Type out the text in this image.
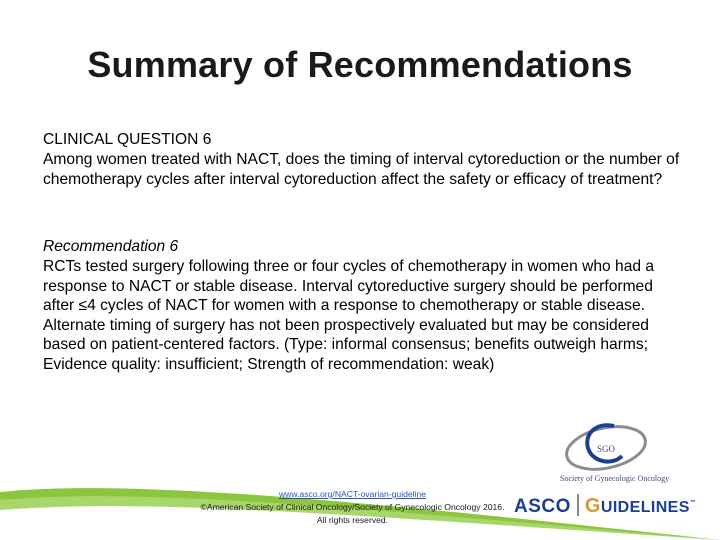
Summary of Recommendations
CLINICAL QUESTION 6
Among women treated with NACT, does the timing of interval cytoreduction or the number of chemotherapy cycles after interval cytoreduction affect the safety or efficacy of treatment?
Recommendation 6
RCTs tested surgery following three or four cycles of chemotherapy in women who had a response to NACT or stable disease. Interval cytoreductive surgery should be performed after ≤4 cycles of NACT for women with a response to chemotherapy or stable disease. Alternate timing of surgery has not been prospectively evaluated but may be considered based on patient-centered factors. (Type: informal consensus; benefits outweigh harms; Evidence quality: insufficient; Strength of recommendation: weak)
www.asco.org/NACT-ovarian-guideline
©American Society of Clinical Oncology/Society of Gynecologic Oncology 2016. All rights reserved.
SGO
Society of Gynecologic Oncology
ASCO GUIDELINES™
